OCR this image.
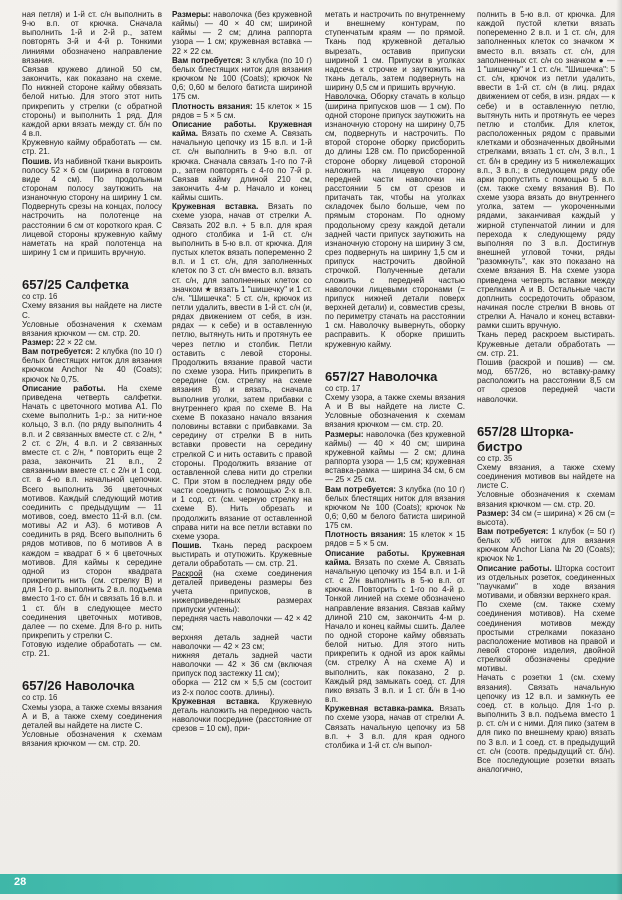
ная петля) и 1-й ст. с/н выполнить в 9-ю в.п. от крючка. Сначала выполнить 1-й и 2-й р., затем повторять 3-й и 4-й р. Тонкими линиями обозначено направление вязания.

Связав кружево длиной 50 см, закончить, как показано на схеме. По нижней стороне кайму обвязать белой нитью. Для этого этот нить прикрепить у стрелки (с обратной стороны) и выполнить 1 ряд. Для каждой арки вязать между ст. б/н по 4 в.п.

Кружевную кайму обработать — см. стр. 21.

Пошив. Из набивной ткани выкроить полосу 52 × 6 см (ширина в готовом виде 4 см). По продольным сторонам полосу заутюжить на изнаночную сторону на ширину 1 см. Подвернуть срезы на концах, полосу настрочить на полотенце на расстоянии 6 см от короткого края. С лицевой стороны кружевную кайму наметать на край полотенца на ширину 1 см и пришить вручную.

657/25 Салфетка

со стр. 16

Схему вязания вы найдете на листе С.

Условные обозначения к схемам вязания крючком — см. стр. 20.

Размер: 22 × 22 см.

Вам потребуется: 2 клубка (по 10 г) белых блестящих ниток для вязания крючком Anchor № 40 (Coats); крючок № 0,75.

Описание работы. На схеме приведена четверть салфетки. Начать с цветочного мотива А1. По схеме выполнить 1-р.: за нити-ное кольцо, 3 в.п. (по ряду выполнить 4 в.п. и 2 связанных вместе ст. с 2/н, * 2 ст. с 2/н, 4 в.п. и 2 связанных вместе ст. с 2/н, * повторить еще 2 раза, закончить 21 в.п., 2 связанными вместе ст. с 2/н и 1 сод. ст. в 4-ю в.п. начальной цепочки. Всего выполнить 36 цветочных мотивов. Каждый следующий мотив соединить с предыдущим — 11 мотивов, соед. вместо 11-й в.п. (см. мотивы А2 и А3). 6 мотивов А соединить в ряд. Всего выполнить 6 рядов мотивов, по 6 мотивов А в каждом = квадрат 6 × 6 цветочных мотивов. Для каймы к середине одной из сторон квадрата прикрепить нить (см. стрелку В) и для 1-го р. выполнить 2 в.п. подъема вместо 1-го ст. б/н и связать 16 в.п. и 1 ст. б/н в следующее место соединения цветочных мотивов, далее — по схеме. Для 8-го р. нить прикрепить у стрелки С.

Готовую изделие обработать — см. стр. 21.

657/26 Наволочка

со стр. 16

Схемы узора, а также схемы вязания А и В, а также схему соединения деталей вы найдете на листе С.

Условные обозначения к схемам вязания крючком — см. стр. 20.

Размеры: наволочка (без кружевной каймы) — 40 × 40 см; шириной каймы — 2 см; длина раппорта узора — 1 см; кружевная вставка — 22 × 22 см.

Вам потребуется: 3 клубка (по 10 г) белых блестящих ниток для вязания крючком № 100 (Coats); крючок № 0,6; 0,60 м белого батиста шириной 175 см.

Плотность вязания: 15 клеток × 15 рядов = 5 × 5 см.

Описание работы. Кружевная кайма. Вязать по схеме А. Связать начальную цепочку из 15 в.п. и 1-й ст. с/н выполнить в 9-ю в.п. от крючка. Сначала связать 1-го по 7-й р., затем повторять с 4-го по 7-й р. Связав кайму длиной 210 см, закончить 4-м р. Начало и конец каймы сшить.

Кружевная вставка. Вязать по схеме узора, начав от стрелки А. Связать 202 в.п. + 5 в.п. для края одного столбика и 1-й ст. с/н выполнить в 5-ю в.п. от крючка. Для пустых клеток вязать попеременно 2 в.п. и 1 ст. с/н, для заполненных клеток по 3 ст. с/н вместо в.п. вязать ст. с/н, для заполненных клеток со значком ★ вязать 1 "шишечку" и 1 ст. с/н. "Шишечка": 5 ст. с/н, крючок из петли удалить, ввести в 1-й ст. с/н (и, рядах движением от себя, в изн. рядах — к себе) и в оставленную петлю, вытянуть нить и протянуть ее через петлю и столбик. Петли оставить с левой стороны. Продолжить вязание правой части по схеме узора. Нить прикрепить в середине (см. стрелку на схеме вязания В) и вязать, сначала выполнив уголки, затем прибавки с внутреннего края по схеме В. На схеме В показано начало вязания половины вставки с прибавками. За середину от стрелки В в нить вставки провести на середину стрелкой С и нить оставить с правой стороны. Продолжить вязание от оставленной слева нити до стрелки С. При этом в последнем ряду обе части соединить с помощью 2-х в.п. и 1 сод. ст. (см. черную стрелку на схеме В). Нить обрезать и продолжить вязание от оставленной справа нити на все петли вставки по схеме узора.

Пошив. Ткань перед раскроем выстирать и отутюжить. Кружевные детали обработать — см. стр. 21.

Раскрой (на схеме соединения деталей приведены размеры без учета припусков, в нижеприведенных размерах припуски учтены):

передняя часть наволочки — 42 × 42 см;

верхняя деталь задней части наволочки — 42 × 23 см;

нижняя деталь задней части наволочки — 42 × 36 см (включая припуск под застежку 11 см);

оборка — 212 см × 5,5 см (состоит из 2-х полос соотв. длины).

Кружевная вставка. Кружевную деталь наложить на переднюю часть наволочки посредине (расстояние от срезов = 10 см), при-

метать и настрочить по внутреннему и внешнему контурам, по ступенчатым краям — по прямой. Ткань под кружевной деталью вырезать, оставив припуски шириной 1 см. Припуски в уголках надсечь к строчке и заутюжить на ткань деталь, затем подвернуть на ширину 0,5 см и пришить вручную.

Наволочка. Оборку стачать в кольцо (ширина припусков шов — 1 см). По одной стороне припуск заутюжить на изнаночную сторону на ширину 0,75 см, подвернуть и настрочить. По второй стороне оборку присборить до длины 128 см. По присборенной стороне оборку лицевой стороной наложить на лицевую сторону передней части наволочки на расстоянии 5 см от срезов и притачать так, чтобы на уголках складочек было больше, чем по прямым сторонам. По одному продольному срезу каждой детали задней части припуск заутюжить на изнаночную сторону на ширину 3 см, срез подвернуть на ширину 1,5 см и припуск настрочить двойной строчкой. Полученные детали сложить с передней частью наволочки лицевыми сторонами (= припуск нижней детали поверх верхней детали) и, совместив срезы, по периметру стачать на расстоянии 1 см. Наволочку вывернуть, оборку расправить. К оборке пришить кружевную кайму.

657/27 Наволочка

со стр. 17

Схему узора, а также схемы вязания А и В вы найдете на листе С. Условные обозначения к схемам вязания крючком — см. стр. 20.

Размеры: наволочка (без кружевной каймы) — 40 × 40 см; ширина кружевной каймы — 2 см; длина раппорта узора — 1,5 см; кружевная вставка-рамка — ширина 34 см, 6 см — 25 × 25 см.

Вам потребуется: 3 клубка (по 10 г) белых блестящих ниток для вязания крючком № 100 (Coats); крючок № 0,6; 0,60 м белого батиста шириной 175 см.

Плотность вязания: 15 клеток × 15 рядов = 5 × 5 см.

Описание работы. Кружевная кайма. Вязать по схеме А. Связать начальную цепочку из 154 в.п. и 1-й ст. с 2/н выполнить в 5-ю в.п. от крючка. Повторить с 1-го по 4-й р. Тонкой линией на схеме обозначено направление вязания. Связав кайму длиной 210 см, закончить 4-м р. Начало и конец каймы сшить. Далее по одной стороне кайму обвязать белой нитью. Для этого нить прикрепить к одной из арок каймы (см. стрелку А на схеме А) и выполнить, как показано, 2 р. Каждый ряд замыкать соед. ст. Для пико вязать 3 в.п. и 1 ст. б/н в 1-ю в.п.

Кружевная вставка-рамка. Вязать по схеме узора, начав от стрелки А. Связать начальную цепочку из 58 в.п. + 3 в.п. для края одного столбика и 1-й ст. с/н выпол-

полнить в 5-ю в.п. от крючка. Для каждой пустой клетки вязать попеременно 2 в.п. и 1 ст. с/н, для заполненных клеток со значком ✕ вместо в.п. вязать ст. с/н, для заполненных ст. с/н со значком ● — 1 "шишечку" и 1 ст. с/н. "Шишечка": 5 ст. с/н, крючок из петли удалить, ввести в 1-й ст. с/н (в лиц. рядах движением от себя, в изн. рядах — к себе) и в оставленную петлю, вытянуть нить и протянуть ее через петлю и столбик. Для клеток, расположенных рядом с правыми клетками и обозначенных двойными стрелками, вязать 1 ст. с/н, 3 в.п., 1 ст. б/н в средину из 5 нижележащих в.п., 3 в.п.; в следующем ряду обе арки пропустить с помощью 5 в.п. (см. также схему вязания В). По схеме узора вязать до внутреннего уголка, затем — укороченными рядами, заканчивая каждый у жирной ступенчатой линии и для перехода к следующему ряду выполняя по 3 в.п. Достигнув внешней угловой точки, ряды "разомкнуть", как это показано на схеме вязания В. На схеме узора приведена четверть вставки между стрелками А и В. Остальные части доплнить сосредоточить образом, начиная после стрелки В вновь от стрелки А. Начало и конец вставки-рамки сшить вручную.

Ткань перед раскроем выстирать. Кружевные детали обработать — см. стр. 21.

Пошив (раскрой и пошив) — см. мод. 657/26, но вставку-рамку расположить на расстоянии 8,5 см от срезов передней части наволочки.

657/28 Шторка-бистро

со стр. 35

Схему вязания, а также схему соединения мотивов вы найдете на листе С.

Условные обозначения к схемам вязания крючком — см. стр. 20.

Размер: 34 см (= ширина) × 26 см (= высота).

Вам потребуется: 1 клубок (= 50 г) белых х/б ниток для вязания крючком Anchor Liana № 20 (Coats); крючок № 1.

Описание работы. Шторка состоит из отдельных розеток, соединенных "паучками" в ходе вязания мотивами, и обвязки верхнего края.

По схеме (см. также схему соединения мотивов). На схеме соединения мотивов между простыми стрелками показано расположение мотивов на правой и левой стороне изделия, двойной стрелкой обозначены средние мотивы.

Начать с розетки 1 (см. схему вязания). Связать начальную цепочку из 12 в.п. и замкнуть ее соед. ст. в кольцо. Для 1-го р. выполнить 3 в.п. подъема вместо 1 р. ст. с/н и с ними. Для пико (затем в для пико по внешнему краю) вязать по 3 в.п. и 1 соед. ст. в предыдущий ст. с/н (соотв. предыдущий ст. б/н). Все последующие розетки вязать аналогично,

28
